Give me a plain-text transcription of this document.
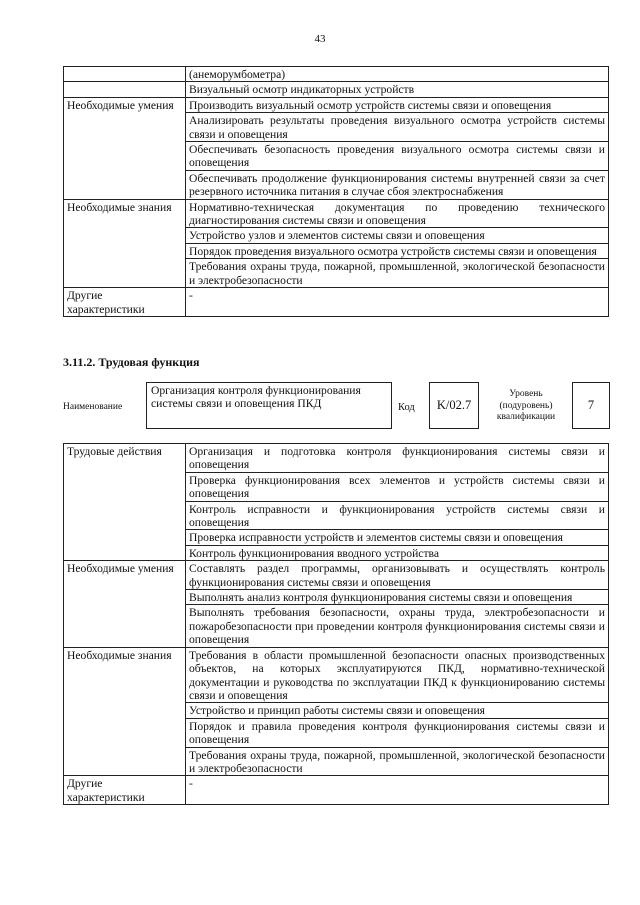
43
	(анеморумбометра)
	Визуальный осмотр индикаторных устройств
Необходимые умения	Производить визуальный осмотр устройств системы связи и оповещения
	Анализировать результаты проведения визуального осмотра устройств системы связи и оповещения
	Обеспечивать безопасность проведения визуального осмотра системы связи и оповещения
	Обеспечивать продолжение функционирования системы внутренней связи за счет резервного источника питания в случае сбоя электроснабжения
Необходимые знания	Нормативно-техническая документация по проведению технического диагностирования системы связи и оповещения
	Устройство узлов и элементов системы связи и оповещения
	Порядок проведения визуального осмотра устройств системы связи и оповещения
	Требования охраны труда, пожарной, промышленной, экологической безопасности и электробезопасности
Другие характеристики	-
3.11.2. Трудовая функция
Наименование
Организация контроля функционирования системы связи и оповещения ПКД	Код	K/02.7
Уровень (подуровень) квалификации
7
Трудовые действия	Организация и подготовка контроля функционирования системы связи и оповещения
	Проверка функционирования всех элементов и устройств системы связи и оповещения
	Контроль исправности и функционирования устройств системы связи и оповещения
	Проверка исправности устройств и элементов системы связи и оповещения
	Контроль функционирования вводного устройства
Необходимые умения	Составлять раздел программы, организовывать и осуществлять контроль функционирования системы связи и оповещения
	Выполнять анализ контроля функционирования системы связи и оповещения
	Выполнять требования безопасности, охраны труда, электробезопасности и пожаробезопасности при проведении контроля функционирования системы связи и оповещения
Необходимые знания	Требования в области промышленной безопасности опасных производственных объектов, на которых эксплуатируются ПКД, нормативно-технической документации и руководства по эксплуатации ПКД к функционированию системы связи и оповещения
	Устройство и принцип работы системы связи и оповещения
	Порядок и правила проведения контроля функционирования системы связи и оповещения
	Требования охраны труда, пожарной, промышленной, экологической безопасности и электробезопасности
Другие характеристики	-
